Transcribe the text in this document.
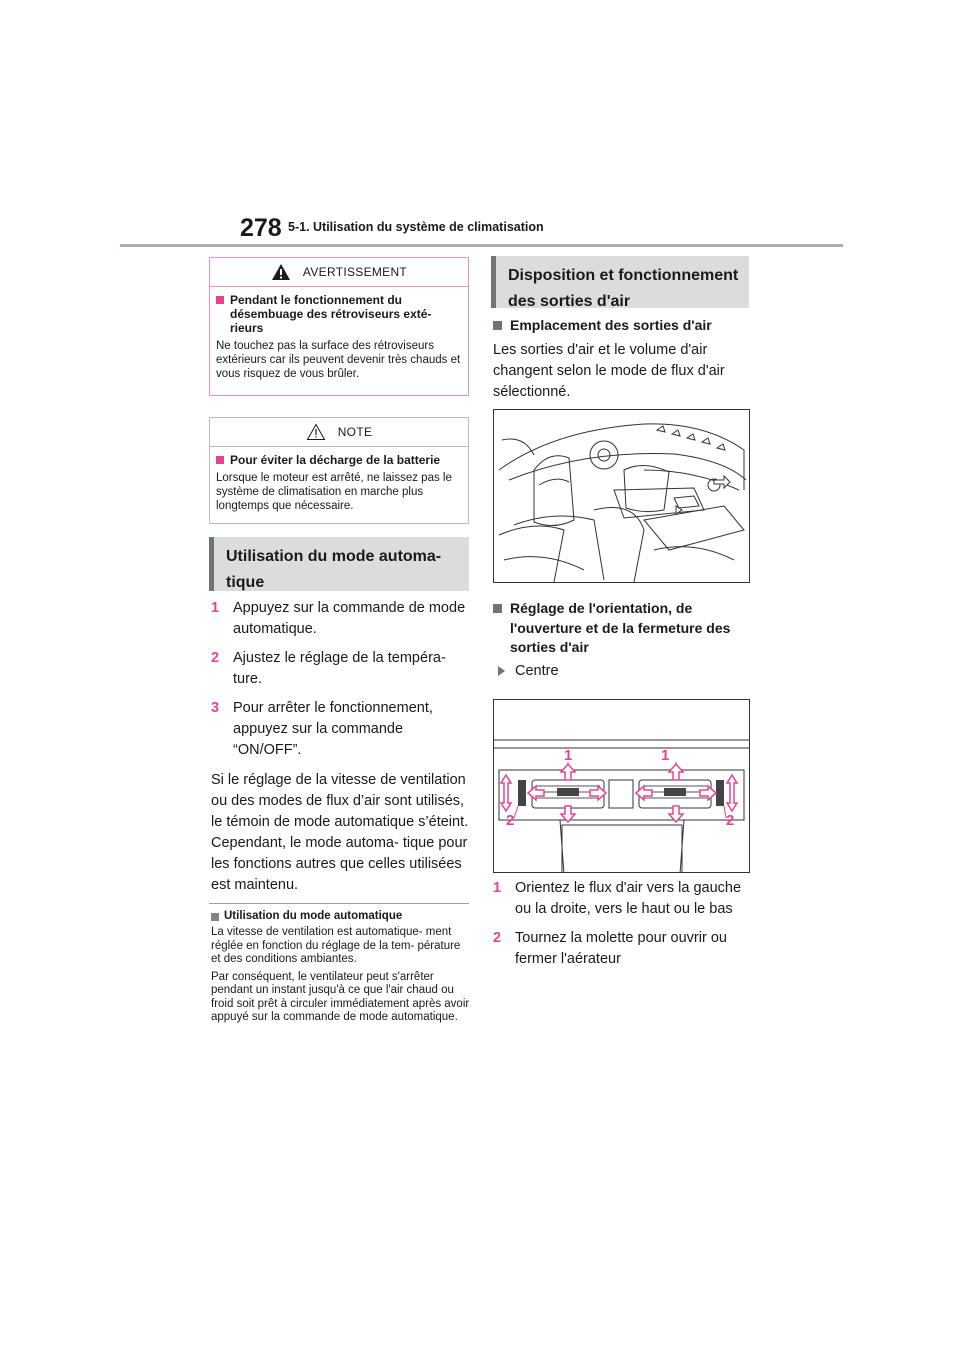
278 5-1. Utilisation du système de climatisation
AVERTISSEMENT
Pendant le fonctionnement du désembuage des rétroviseurs exté- rieurs
Ne touchez pas la surface des rétroviseurs extérieurs car ils peuvent devenir très chauds et vous risquez de vous brûler.
NOTE
Pour éviter la décharge de la batterie
Lorsque le moteur est arrêté, ne laissez pas le système de climatisation en marche plus longtemps que nécessaire.
Utilisation du mode automa-
tique
1 Appuyez sur la commande de mode
automatique.
2 Ajustez le réglage de la tempéra-
ture.
3 Pour arrêter le fonctionnement,
appuyez sur la commande
“ON/OFF”.
Si le réglage de la vitesse de ventilation ou des modes de flux d’air sont utilisés, le témoin de mode automatique s’éteint. Cependant, le mode automa- tique pour les fonctions autres que celles utilisées est maintenu.
Utilisation du mode automatique
La vitesse de ventilation est automatique- ment réglée en fonction du réglage de la tem- pérature et des conditions ambiantes.
Par conséquent, le ventilateur peut s'arrêter pendant un instant jusqu'à ce que l'air chaud ou froid soit prêt à circuler immédiatement après avoir appuyé sur la commande de mode automatique.
Disposition et fonctionnement
des sorties d'air
Emplacement des sorties d'air
Les sorties d'air et le volume d'air changent selon le mode de flux d'air sélectionné.
Réglage de l'orientation, de l'ouverture et de la fermeture des sorties d'air
Centre
1	1
2	2
1 Orientez le flux d'air vers la gauche
ou la droite, vers le haut ou le bas
2 Tournez la molette pour ouvrir ou
fermer l'aérateur
